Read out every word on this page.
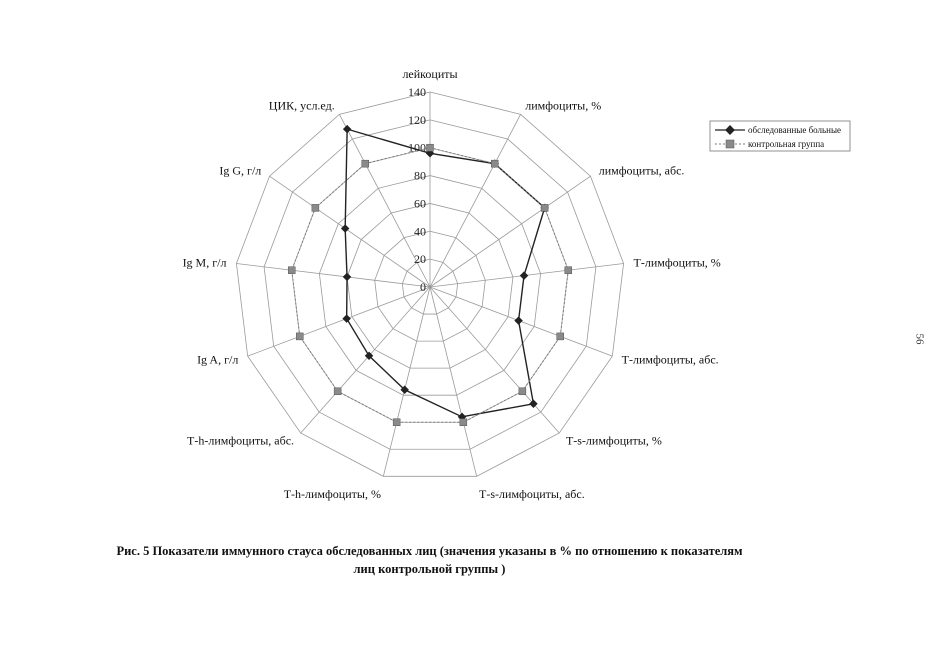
0
20
40
60
80
100
120
140
лейкоциты
лимфоциты, %
лимфоциты, абс.
Т-лимфоциты, %
Т-лимфоциты, абс.
Т-s-лимфоциты, %
Т-s-лимфоциты, абс.
Т-h-лимфоциты, %
Т-h-лимфоциты, абс.
Ig A, г/л
Ig M, г/л
Ig G, г/л
ЦИК, усл.ед.
обследованные больные
контрольная группа
Рис. 5 Показатели иммунного стауса обследованных лиц (значения указаны в % по отношению к показателям
лиц контрольной группы )
56
